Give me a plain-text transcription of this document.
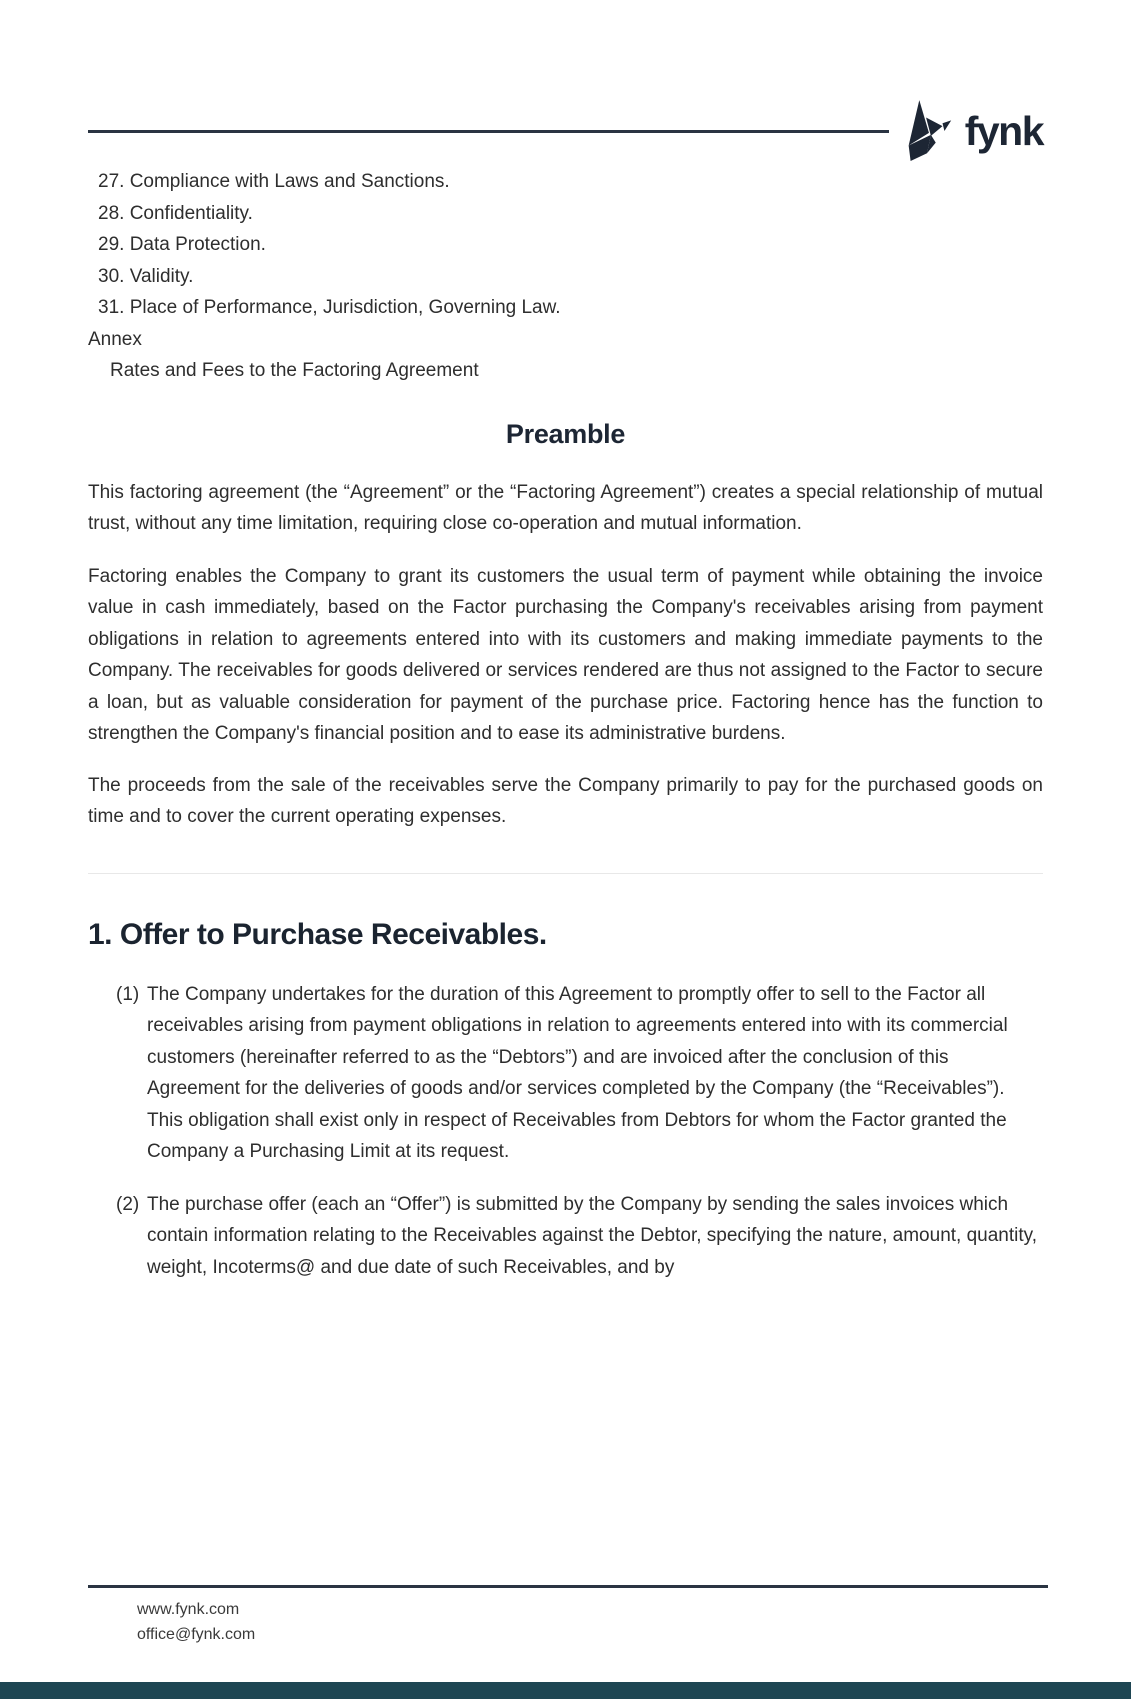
fynk
27. Compliance with Laws and Sanctions.
28. Confidentiality.
29. Data Protection.
30. Validity.
31. Place of Performance, Jurisdiction, Governing Law.
Annex
Rates and Fees to the Factoring Agreement
Preamble

This factoring agreement (the “Agreement” or the “Factoring Agreement”) creates a special relationship of mutual trust, without any time limitation, requiring close co-operation and mutual information.

Factoring enables the Company to grant its customers the usual term of payment while obtaining the invoice value in cash immediately, based on the Factor purchasing the Company's receivables arising from payment obligations in relation to agreements entered into with its customers and making immediate payments to the Company. The receivables for goods delivered or services rendered are thus not assigned to the Factor to secure a loan, but as valuable consideration for payment of the purchase price. Factoring hence has the function to strengthen the Company's financial position and to ease its administrative burdens.

The proceeds from the sale of the receivables serve the Company primarily to pay for the purchased goods on time and to cover the current operating expenses.

1. Offer to Purchase Receivables.
(1) The Company undertakes for the duration of this Agreement to promptly offer to sell to the Factor all receivables arising from payment obligations in relation to agreements entered into with its commercial customers (hereinafter referred to as the “Debtors”) and are invoiced after the conclusion of this Agreement for the deliveries of goods and/or services completed by the Company (the “Receivables”). This obligation shall exist only in respect of Receivables from Debtors for whom the Factor granted the Company a Purchasing Limit at its request.
(2) The purchase offer (each an “Offer”) is submitted by the Company by sending the sales invoices which contain information relating to the Receivables against the Debtor, specifying the nature, amount, quantity, weight, Incoterms@ and due date of such Receivables, and by
www.fynk.com
office@fynk.com
